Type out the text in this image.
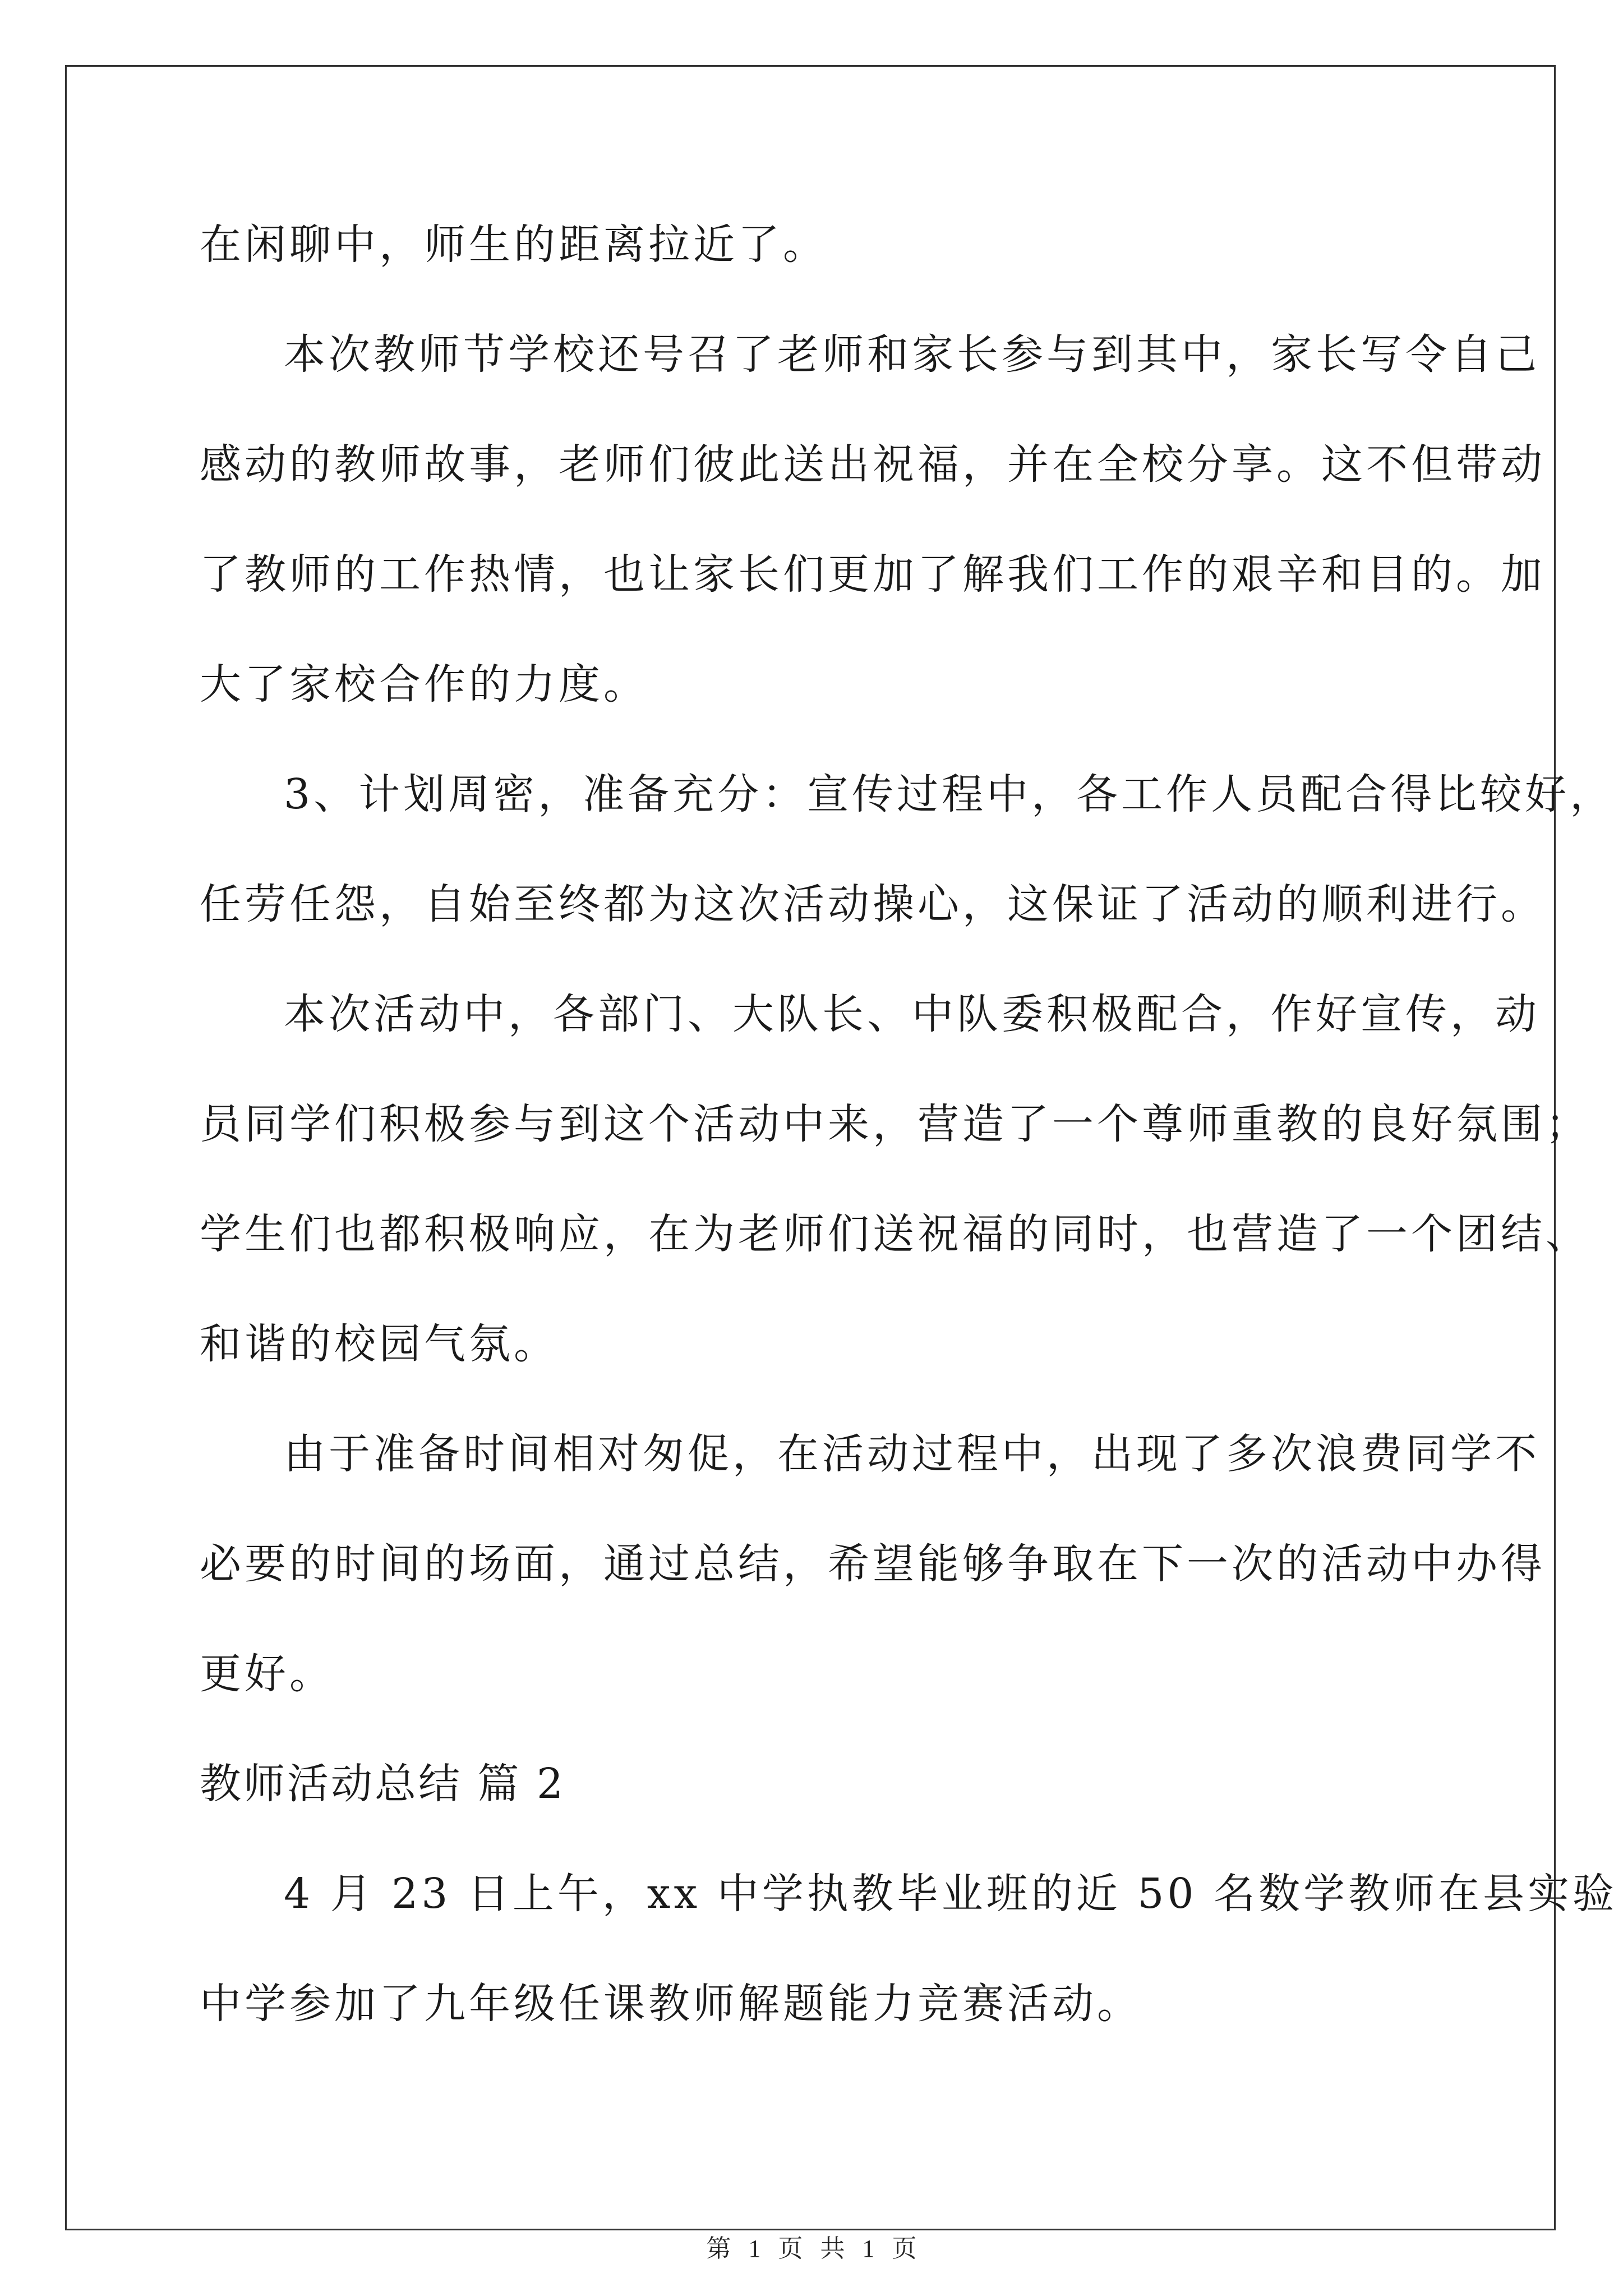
在闲聊中，师生的距离拉近了。
本次教师节学校还号召了老师和家长参与到其中，家长写令自己
感动的教师故事，老师们彼此送出祝福，并在全校分享。这不但带动
了教师的工作热情，也让家长们更加了解我们工作的艰辛和目的。加
大了家校合作的力度。
3、计划周密，准备充分：宣传过程中，各工作人员配合得比较好，
任劳任怨，自始至终都为这次活动操心，这保证了活动的顺利进行。
本次活动中，各部门、大队长、中队委积极配合，作好宣传，动
员同学们积极参与到这个活动中来，营造了一个尊师重教的良好氛围；
学生们也都积极响应，在为老师们送祝福的同时，也营造了一个团结、
和谐的校园气氛。
由于准备时间相对匆促，在活动过程中，出现了多次浪费同学不
必要的时间的场面，通过总结，希望能够争取在下一次的活动中办得
更好。
教师活动总结 篇 2
4 月 23 日上午，xx 中学执教毕业班的近 50 名数学教师在县实验
中学参加了九年级任课教师解题能力竞赛活动。
第 1 页 共 1 页
